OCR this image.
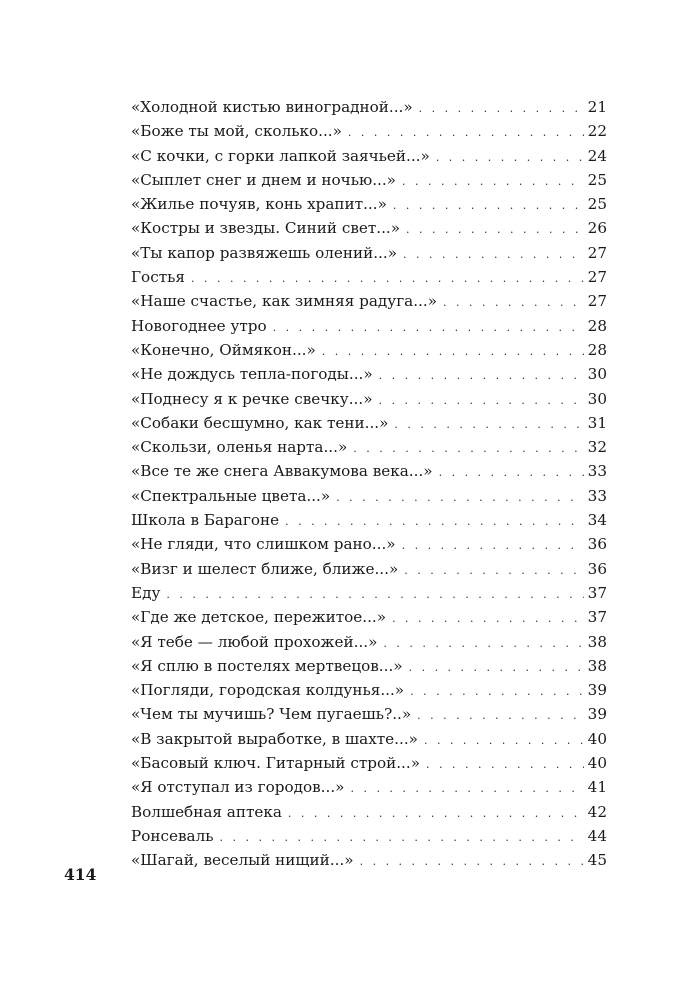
«Холодной кистью виноградной...» . . .	21
«Боже ты мой, сколько...» . . .	22
«С кочки, с горки лапкой заячьей...» . . .	24
«Сыплет снег и днем и ночью...» . . .	25
«Жилье почуяв, конь храпит...» . . .	25
«Костры и звезды. Синий свет...» . . .	26
«Ты капор развяжешь олений...» . . .	27
Гостья . . .	27
«Наше счастье, как зимняя радуга...» . . .	27
Новогоднее утро . . .	28
«Конечно, Оймякон...» . . .	28
«Не дождусь тепла-погоды...» . . .	30
«Поднесу я к речке свечку...» . . .	30
«Собаки бесшумно, как тени...» . . .	31
«Скользи, оленья нарта...» . . .	32
«Все те же снега Аввакумова века...» . . .	33
«Спектральные цвета...» . . .	33
Школа в Барагоне . . .	34
«Не гляди, что слишком рано...» . . .	36
«Визг и шелест ближе, ближе...» . . .	36
Еду . . .	37
«Где же детское, пережитое...» . . .	37
«Я тебе — любой прохожей...» . . .	38
«Я сплю в постелях мертвецов...» . . .	38
«Погляди, городская колдунья...» . . .	39
«Чем ты мучишь? Чем пугаешь?..» . . .	39
«В закрытой выработке, в шахте...» . . .	40
«Басовый ключ. Гитарный строй...» . . .	40
«Я отступал из городов...» . . .	41
Волшебная аптека . . .	42
Ронсеваль . . .	44
«Шагай, веселый нищий...» . . .	45
414
